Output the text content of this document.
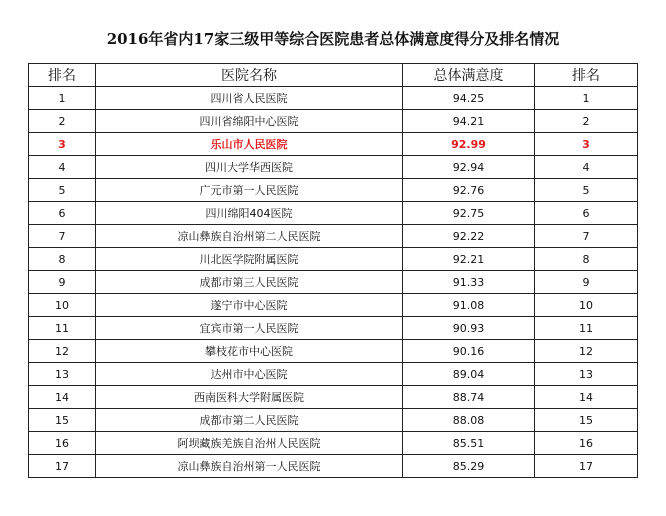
2016年省内17家三级甲等综合医院患者总体满意度得分及排名情况
排名	医院名称	总体满意度	排名
1	四川省人民医院	94.25	1
2	四川省绵阳中心医院	94.21	2
3	乐山市人民医院	92.99	3
4	四川大学华西医院	92.94	4
5	广元市第一人民医院	92.76	5
6	四川绵阳404医院	92.75	6
7	凉山彝族自治州第二人民医院	92.22	7
8	川北医学院附属医院	92.21	8
9	成都市第三人民医院	91.33	9
10	遂宁市中心医院	91.08	10
11	宜宾市第一人民医院	90.93	11
12	攀枝花市中心医院	90.16	12
13	达州市中心医院	89.04	13
14	西南医科大学附属医院	88.74	14
15	成都市第二人民医院	88.08	15
16	阿坝藏族羌族自治州人民医院	85.51	16
17	凉山彝族自治州第一人民医院	85.29	17
